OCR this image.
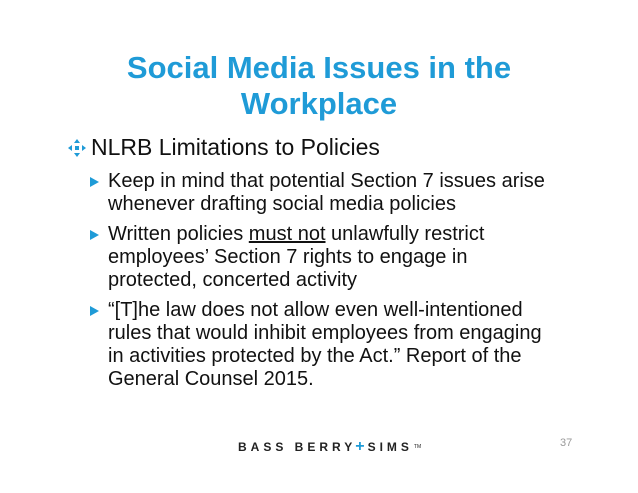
Social Media Issues in the
Workplace
NLRB Limitations to Policies
Keep in mind that potential Section 7 issues arise whenever drafting social media policies
Written policies must not unlawfully restrict employees’ Section 7 rights to engage in protected, concerted activity
“[T]he law does not allow even well-intentioned rules that would inhibit employees from engaging in activities protected by the Act.” Report of the General Counsel 2015.
BASS BERRY + SIMS TM	37
